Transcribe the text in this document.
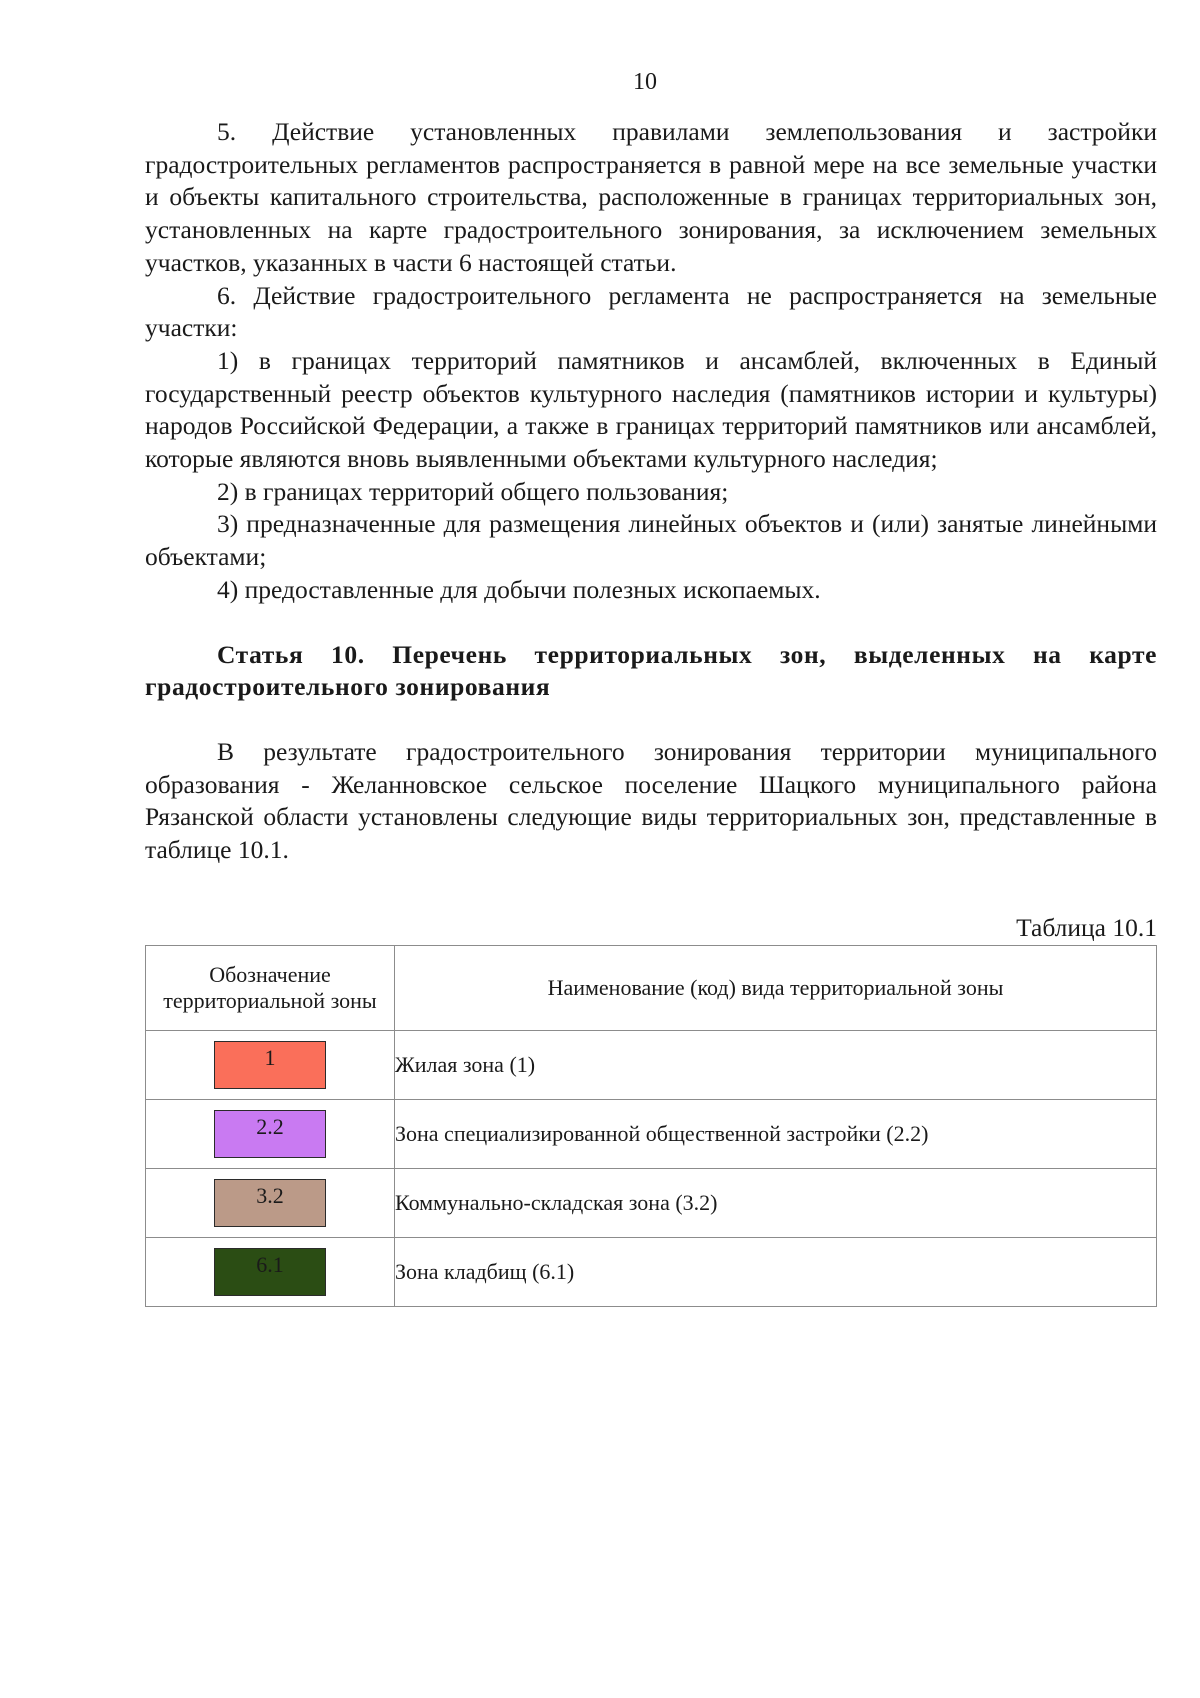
10

5. Действие установленных правилами землепользования и застройки градостроительных регламентов распространяется в равной мере на все земельные участки и объекты капитального строительства, расположенные в границах территориальных зон, установленных на карте градостроительного зонирования, за исключением земельных участков, указанных в части 6 настоящей статьи.

6. Действие градостроительного регламента не распространяется на земельные участки:

1) в границах территорий памятников и ансамблей, включенных в Единый государственный реестр объектов культурного наследия (памятников истории и культуры) народов Российской Федерации, а также в границах территорий памятников или ансамблей, которые являются вновь выявленными объектами культурного наследия;

2) в границах территорий общего пользования;

3) предназначенные для размещения линейных объектов и (или) занятые линейными объектами;

4) предоставленные для добычи полезных ископаемых.

Статья 10. Перечень территориальных зон, выделенных на карте градостроительного зонирования

В результате градостроительного зонирования территории муниципального образования - Желанновское сельское поселение Шацкого муниципального района Рязанской области установлены следующие виды территориальных зон, представленные в таблице 10.1.

Таблица 10.1
Обозначение территориальной зоны	Наименование (код) вида территориальной зоны
1	Жилая зона (1)
2.2	Зона специализированной общественной застройки (2.2)
3.2	Коммунально-складская зона (3.2)
6.1	Зона кладбищ (6.1)
